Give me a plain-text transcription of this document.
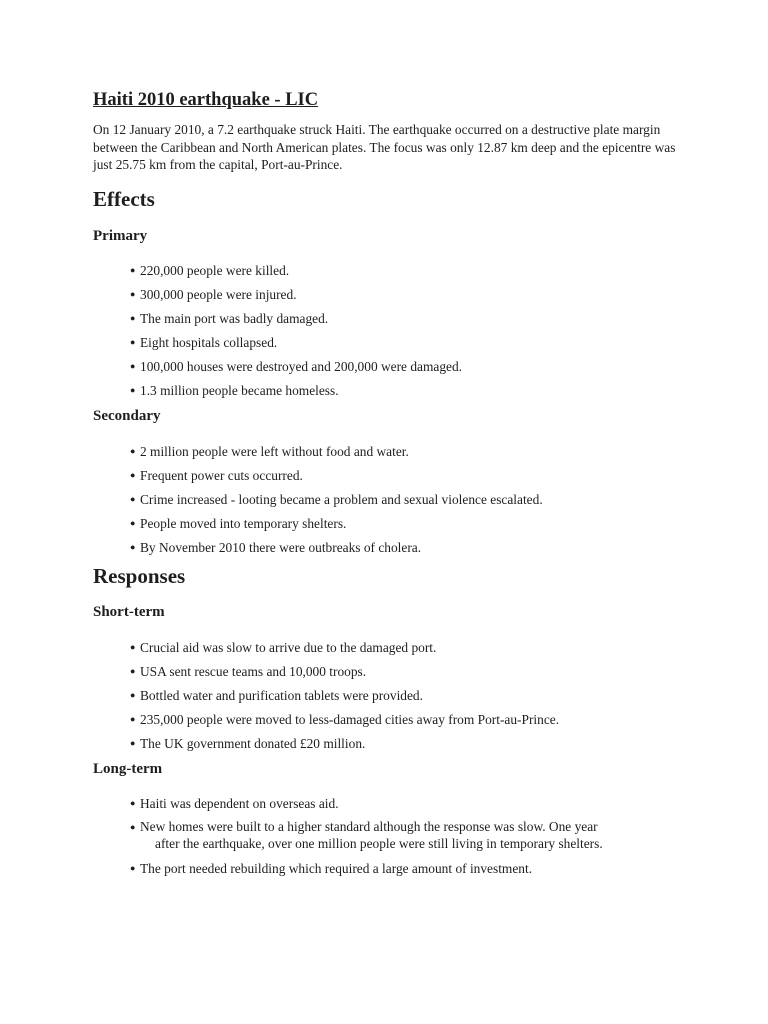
Haiti 2010 earthquake - LIC

On 12 January 2010, a 7.2 earthquake struck Haiti. The earthquake occurred on a destructive plate margin between the Caribbean and North American plates. The focus was only 12.87 km deep and the epicentre was just 25.75 km from the capital, Port-au-Prince.

Effects
Primary
● 220,000 people were killed.
● 300,000 people were injured.
● The main port was badly damaged.
● Eight hospitals collapsed.
● 100,000 houses were destroyed and 200,000 were damaged.
● 1.3 million people became homeless.
Secondary
● 2 million people were left without food and water.
● Frequent power cuts occurred.
● Crime increased - looting became a problem and sexual violence escalated.
● People moved into temporary shelters.
● By November 2010 there were outbreaks of cholera.
Responses
Short-term
● Crucial aid was slow to arrive due to the damaged port.
● USA sent rescue teams and 10,000 troops.
● Bottled water and purification tablets were provided.
● 235,000 people were moved to less-damaged cities away from Port-au-Prince.
● The UK government donated £20 million.
Long-term
● Haiti was dependent on overseas aid.
● New homes were built to a higher standard although the response was slow. One year
after the earthquake, over one million people were still living in temporary shelters.
● The port needed rebuilding which required a large amount of investment.
